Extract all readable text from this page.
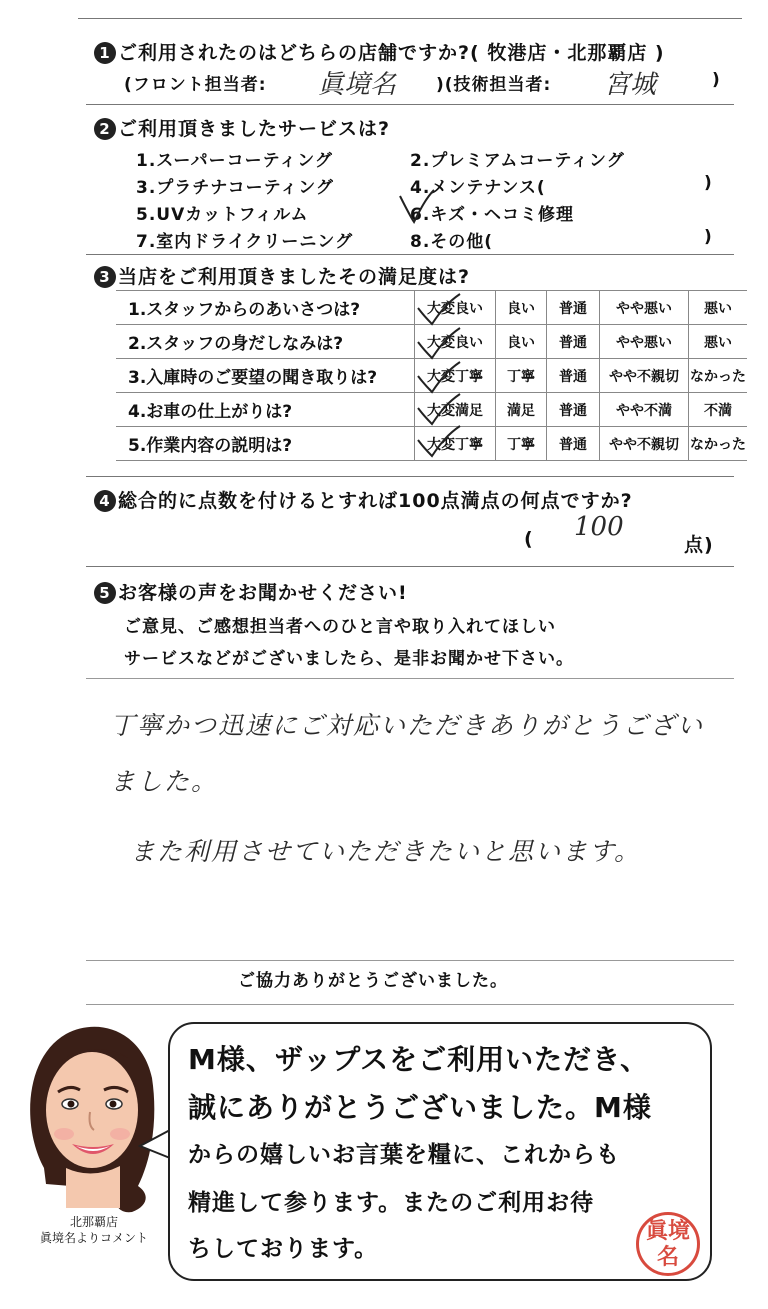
1 ご利用されたのはどちらの店舗ですか?( 牧港店・北那覇店 )
(フロント担当者: 眞境名 )(技術担当者: 宮城	)
2 ご利用頂きましたサービスは?
1.スーパーコーティング	2.プレミアムコーティング
3.プラチナコーティング	4.メンテナンス(	)
5.UVカットフィルム	6.キズ・ヘコミ修理
7.室内ドライクリーニング	8.その他(	)
3 当店をご利用頂きましたその満足度は?
1.スタッフからのあいさつは?	大変良い	良い	普通	やや悪い	悪い
2.スタッフの身だしなみは?	大変良い	良い	普通	やや悪い	悪い
3.入庫時のご要望の聞き取りは?	大変丁寧	丁寧	普通	やや不親切	なかった
4.お車の仕上がりは?	大変満足	満足	普通	やや不満	不満
5.作業内容の説明は?	大変丁寧	丁寧	普通	やや不親切	なかった
4 総合的に点数を付けるとすれば100点満点の何点ですか?
( 100
点)
5 お客様の声をお聞かせください!
ご意見、ご感想担当者へのひと言や取り入れてほしい
サービスなどがございましたら、是非お聞かせ下さい。
丁寧かつ迅速にご対応いただきありがとうございました。
また利用させていただきたいと思います。
ご協力ありがとうございました。
北那覇店
眞境名よりコメント
M様、ザップスをご利用いただき、
誠にありがとうございました。M様
からの嬉しいお言葉を糧に、これからも
精進して参ります。またのご利用お待
ちしております。
眞境名
